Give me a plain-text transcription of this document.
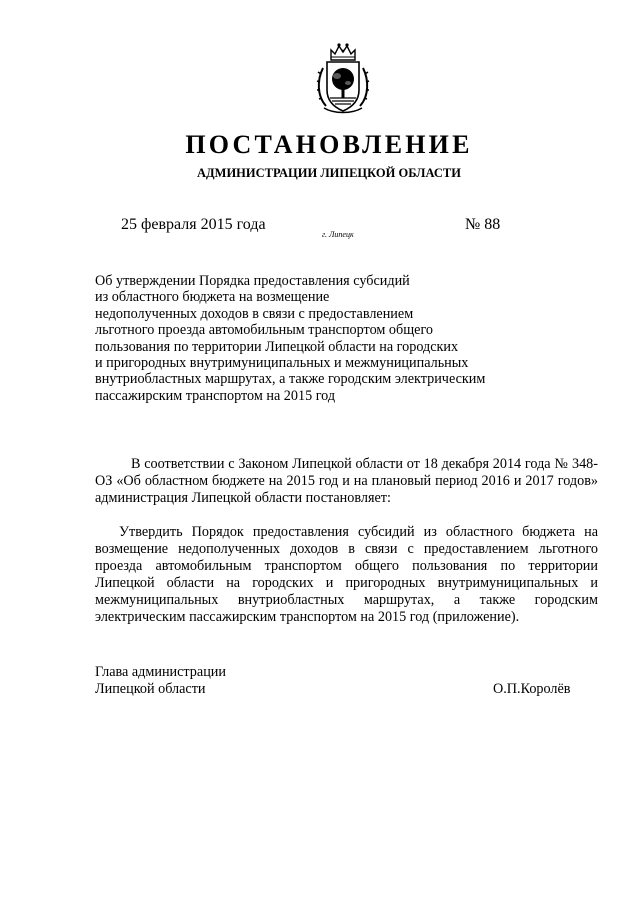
ПОСТАНОВЛЕНИЕ
АДМИНИСТРАЦИИ ЛИПЕЦКОЙ ОБЛАСТИ
25 февраля 2015 года
г. Липецк
№ 88
Об утверждении Порядка предоставления субсидий
из областного бюджета на возмещение
недополученных доходов в связи с предоставлением
льготного проезда автомобильным транспортом общего
пользования по территории Липецкой области на городских
и пригородных внутримуниципальных и межмуниципальных
внутриобластных маршрутах, а также городским электрическим
пассажирским транспортом на 2015 год

В соответствии с Законом Липецкой области от 18 декабря 2014 года № 348-ОЗ «Об областном бюджете на 2015 год и на плановый период 2016 и 2017 годов» администрация Липецкой области постановляет:

Утвердить Порядок предоставления субсидий из областного бюджета на возмещение недополученных доходов в связи с предоставлением льготного проезда автомобильным транспортом общего пользования по территории Липецкой области на городских и пригородных внутримуниципальных и межмуниципальных внутриобластных маршрутах, а также городским электрическим пассажирским транспортом на 2015 год (приложение).

Глава администрации
Липецкой области	О.П.Королёв
